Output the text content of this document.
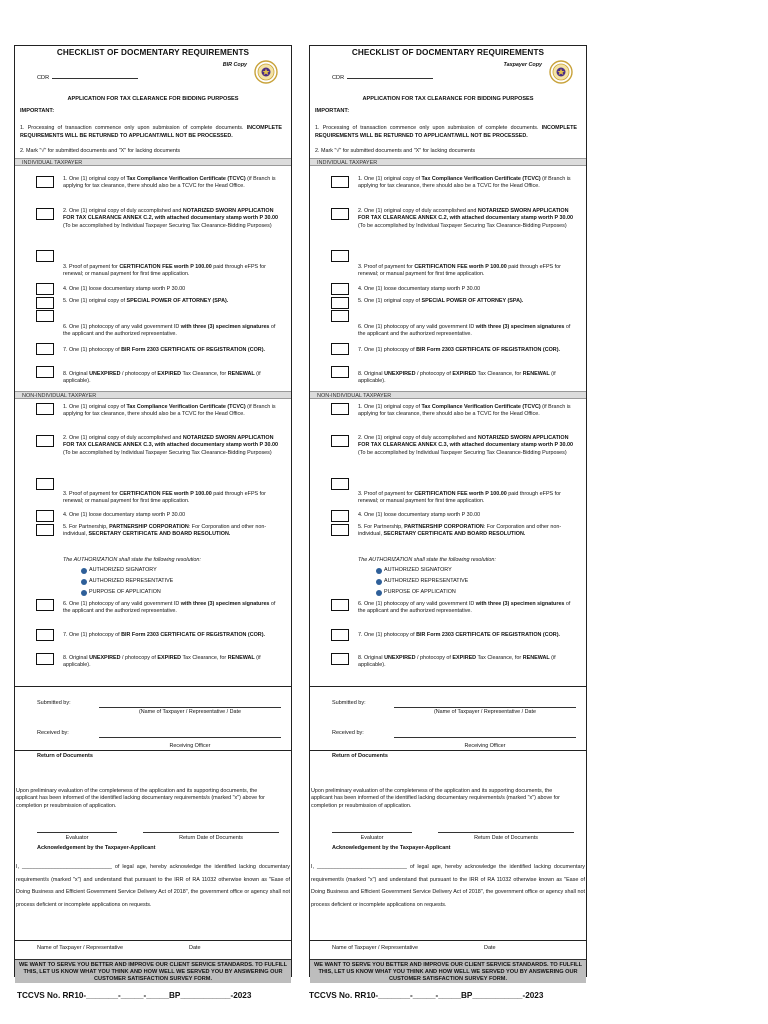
CHECKLIST OF DOCMENTARY REQUIREMENTS
BIR Copy
CDR
APPLICATION FOR TAX CLEARANCE FOR BIDDING PURPOSES
IMPORTANT:
1. Processing of transaction commence only upon submission of complete documents. INCOMPLETE REQUIREMENTS WILL BE RETURNED TO APPLICANT/WILL NOT BE PROCESSED.
2. Mark "√" for submitted documents and "X" for lacking documents
INDIVIDUAL TAXPAYER
1. One (1) original copy of Tax Compliance Verification Certificate (TCVC) (if Branch is applying for tax clearance, there should also be a TCVC for the Head Office.
2. One (1) original copy of duly accomplished and NOTARIZED SWORN APPLICATION FOR TAX CLEARANCE ANNEX C.2, with attached documentary stamp worth P 30.00 (To be accomplished by Individual Taxpayer Securing Tax Clearance-Bidding Purposes)
3. Proof of payment for CERTIFICATION FEE worth P 100.00 paid through eFPS for renewal; or manual payment for first time application.
4. One (1) loose documentary stamp worth P 30.00
5. One (1) original copy of SPECIAL POWER OF ATTORNEY (SPA).
6. One (1) photocopy of any valid government ID with three (3) specimen signatures of the applicant and the authorized representative.
7. One (1) photocopy of BIR Form 2303 CERTIFICATE OF REGISTRATION (COR).
8. Original UNEXPIRED / photocopy of EXPIRED Tax Clearance, for RENEWAL (if applicable).
NON-INDIVIDUAL TAXPAYER
1. One (1) original copy of Tax Compliance Verification Certificate (TCVC) (if Branch is applying for tax clearance, there should also be a TCVC for the Head Office.
2. One (1) original copy of duly accomplished and NOTARIZED SWORN APPLICATION FOR TAX CLEARANCE ANNEX C.3, with attached documentary stamp worth P 30.00 (To be accomplished by Individual Taxpayer Securing Tax Clearance-Bidding Purposes)
3. Proof of payment for CERTIFICATION FEE worth P 100.00 paid through eFPS for renewal; or manual payment for first time application.
4. One (1) loose documentary stamp worth P 30.00
5. For Partnership, PARTNERSHIP CORPORATION: For Corporation and other non-individual, SECRETARY CERTIFICATE AND BOARD RESOLUTION.
The AUTHORIZATION shall state the following resolution:
AUTHORIZED SIGNATORY
AUTHORIZED REPRESENTATIVE
PURPOSE OF APPLICATION
6. One (1) photocopy of any valid government ID with three (3) specimen signatures of the applicant and the authorized representative.
7. One (1) photocopy of BIR Form 2303 CERTIFICATE OF REGISTRATION (COR).
8. Original UNEXPIRED / photocopy of EXPIRED Tax Clearance, for RENEWAL (if applicable).
Submitted by:
(Name of Taxpayer / Representative / Date
Received by:
Receiving Officer
Return of Documents
Upon preliminary evaluation of the completeness of the application and its supporting documents, the applicant has been informed of the identified lacking documentary requirements/s (marked "x") above for completion pr resubmission of application.
Evaluator	Return Date of Documents
Acknowledgement by the Taxpayer-Applicant
I, ______________________________ of legal age, hereby acknowledge the identified lacking documentary requirement/s (marked "x") and understand that pursuant to the IRR of RA 11032 otherwise known as "Ease of Doing Business and Efficient Government Service Delivery Act of 2018", the government office or agency shall not process deficient or incomplete applications on requests.
Name of Taxpayer / Representative	Date
WE WANT TO SERVE YOU BETTER AND IMPROVE OUR CLIENT SERVICE STANDARDS. TO FULFILL THIS, LET US KNOW WHAT YOU THINK AND HOW WELL WE SERVED YOU BY ANSWERING OUR CUSTOMER SATISFACTION SURVEY FORM.
CHECKLIST OF DOCMENTARY REQUIREMENTS
Taxpayer Copy
CDR
APPLICATION FOR TAX CLEARANCE FOR BIDDING PURPOSES
IMPORTANT:
1. Processing of transaction commence only upon submission of complete documents. INCOMPLETE REQUIREMENTS WILL BE RETURNED TO APPLICANT/WILL NOT BE PROCESSED.
2. Mark "√" for submitted documents and "X" for lacking documents
INDIVIDUAL TAXPAYER
1. One (1) original copy of Tax Compliance Verification Certificate (TCVC) (if Branch is applying for tax clearance, there should also be a TCVC for the Head Office.
2. One (1) original copy of duly accomplished and NOTARIZED SWORN APPLICATION FOR TAX CLEARANCE ANNEX C.2, with attached documentary stamp worth P 30.00 (To be accomplished by Individual Taxpayer Securing Tax Clearance-Bidding Purposes)
3. Proof of payment for CERTIFICATION FEE worth P 100.00 paid through eFPS for renewal; or manual payment for first time application.
4. One (1) loose documentary stamp worth P 30.00
5. One (1) original copy of SPECIAL POWER OF ATTORNEY (SPA).
6. One (1) photocopy of any valid government ID with three (3) specimen signatures of the applicant and the authorized representative.
7. One (1) photocopy of BIR Form 2303 CERTIFICATE OF REGISTRATION (COR).
8. Original UNEXPIRED / photocopy of EXPIRED Tax Clearance, for RENEWAL (if applicable).
NON-INDIVIDUAL TAXPAYER
1. One (1) original copy of Tax Compliance Verification Certificate (TCVC) (if Branch is applying for tax clearance, there should also be a TCVC for the Head Office.
2. One (1) original copy of duly accomplished and NOTARIZED SWORN APPLICATION FOR TAX CLEARANCE ANNEX C.3, with attached documentary stamp worth P 30.00 (To be accomplished by Individual Taxpayer Securing Tax Clearance-Bidding Purposes)
3. Proof of payment for CERTIFICATION FEE worth P 100.00 paid through eFPS for renewal; or manual payment for first time application.
4. One (1) loose documentary stamp worth P 30.00
5. For Partnership, PARTNERSHIP CORPORATION: For Corporation and other non-individual, SECRETARY CERTIFICATE AND BOARD RESOLUTION.
The AUTHORIZATION shall state the following resolution:
AUTHORIZED SIGNATORY
AUTHORIZED REPRESENTATIVE
PURPOSE OF APPLICATION
6. One (1) photocopy of any valid government ID with three (3) specimen signatures of the applicant and the authorized representative.
7. One (1) photocopy of BIR Form 2303 CERTIFICATE OF REGISTRATION (COR).
8. Original UNEXPIRED / photocopy of EXPIRED Tax Clearance, for RENEWAL (if applicable).
Submitted by:
(Name of Taxpayer / Representative / Date
Received by:
Receiving Officer
Return of Documents
Upon preliminary evaluation of the completeness of the application and its supporting documents, the applicant has been informed of the identified lacking documentary requirements/s (marked "x") above for completion pr resubmission of application.
Evaluator	Return Date of Documents
Acknowledgement by the Taxpayer-Applicant
I, ______________________________ of legal age, hereby acknowledge the identified lacking documentary requirement/s (marked "x") and understand that pursuant to the IRR of RA 11032 otherwise known as "Ease of Doing Business and Efficient Government Service Delivery Act of 2018", the government office or agency shall not process deficient or incomplete applications on requests.
Name of Taxpayer / Representative	Date
WE WANT TO SERVE YOU BETTER AND IMPROVE OUR CLIENT SERVICE STANDARDS. TO FULFILL THIS, LET US KNOW WHAT YOU THINK AND HOW WELL WE SERVED YOU BY ANSWERING OUR CUSTOMER SATISFACTION SURVEY FORM.
TCCVS No. RR10-_______-_____-_____BP___________-2023	TCCVS No. RR10-_______-_____-_____BP___________-2023
